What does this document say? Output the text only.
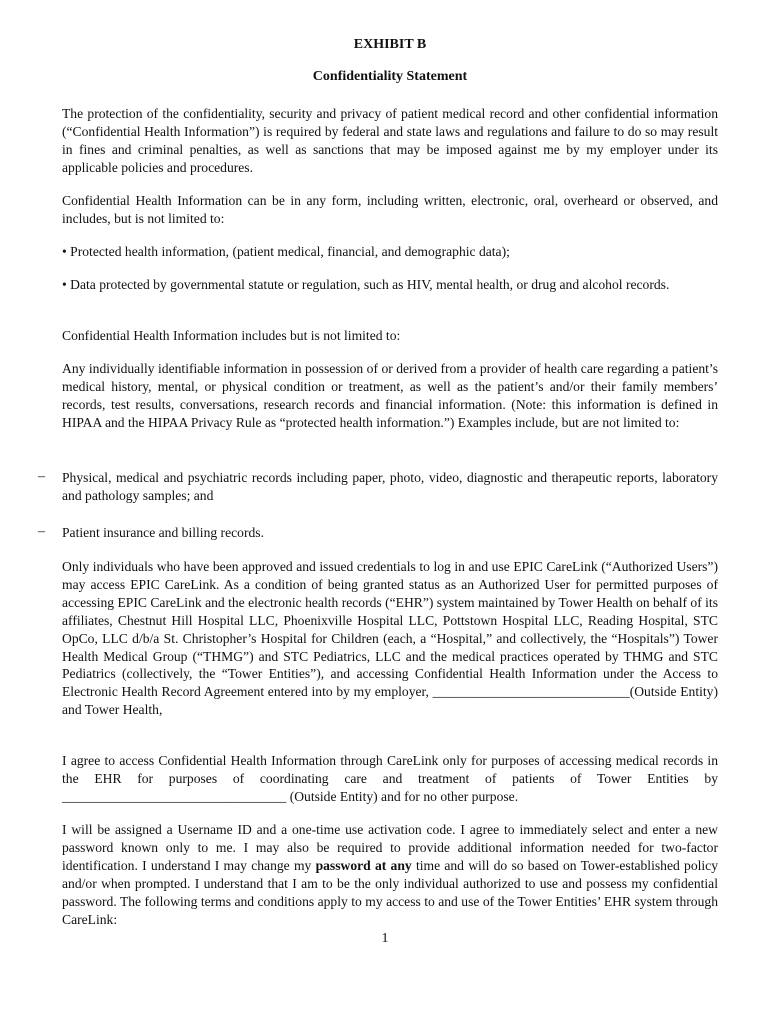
EXHIBIT B
Confidentiality Statement

The protection of the confidentiality, security and privacy of patient medical record and other confidential information (“Confidential Health Information”) is required by federal and state laws and regulations and failure to do so may result in fines and criminal penalties, as well as sanctions that may be imposed against me by my employer under its applicable policies and procedures.

Confidential Health Information can be in any form, including written, electronic, oral, overheard or observed, and includes, but is not limited to:

• Protected health information, (patient medical, financial, and demographic data);

• Data protected by governmental statute or regulation, such as HIV, mental health, or drug and alcohol records.

Confidential Health Information includes but is not limited to:

Any individually identifiable information in possession of or derived from a provider of health care regarding a patient’s medical history, mental, or physical condition or treatment, as well as the patient’s and/or their family members’ records, test results, conversations, research records and financial information. (Note: this information is defined in HIPAA and the HIPAA Privacy Rule as “protected health information.”) Examples include, but are not limited to:

– Physical, medical and psychiatric records including paper, photo, video, diagnostic and therapeutic reports, laboratory and pathology samples; and

– Patient insurance and billing records.

Only individuals who have been approved and issued credentials to log in and use EPIC CareLink (“Authorized Users”) may access EPIC CareLink. As a condition of being granted status as an Authorized User for permitted purposes of accessing EPIC CareLink and the electronic health records (“EHR”) system maintained by Tower Health on behalf of its affiliates, Chestnut Hill Hospital LLC, Phoenixville Hospital LLC, Pottstown Hospital LLC, Reading Hospital, STC OpCo, LLC d/b/a St. Christopher’s Hospital for Children (each, a “Hospital,” and collectively, the “Hospitals”) Tower Health Medical Group (“THMG”) and STC Pediatrics, LLC and the medical practices operated by THMG and STC Pediatrics (collectively, the “Tower Entities”), and accessing Confidential Health Information under the Access to Electronic Health Record Agreement entered into by my employer, _____________________________(Outside Entity) and Tower Health,

I agree to access Confidential Health Information through CareLink only for purposes of accessing medical records in the EHR for purposes of coordinating care and treatment of patients of Tower Entities by _________________________________ (Outside Entity) and for no other purpose.

I will be assigned a Username ID and a one-time use activation code. I agree to immediately select and enter a new password known only to me. I may also be required to provide additional information needed for two-factor identification. I understand I may change my password at any time and will do so based on Tower-established policy and/or when prompted. I understand that I am to be the only individual authorized to use and possess my confidential password. The following terms and conditions apply to my access to and use of the Tower Entities’ EHR system through CareLink:

1
